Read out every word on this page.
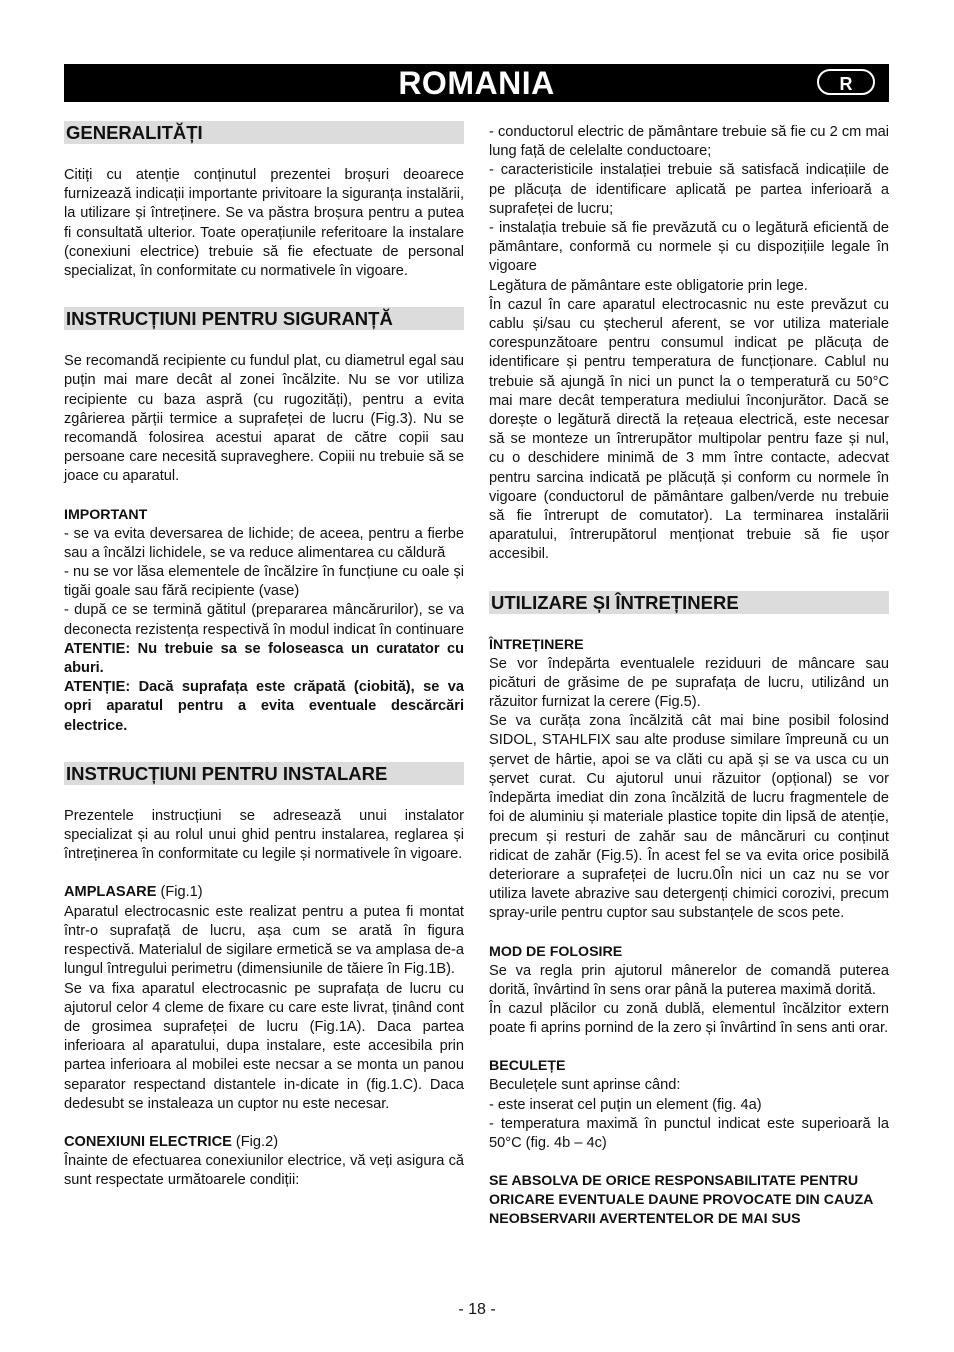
ROMANIA	R
GENERALITĂȚI

Citiți cu atenție conținutul prezentei broșuri deoarece furnizează indicații importante privitoare la siguranța instalării, la utilizare și întreținere. Se va păstra broșura pentru a putea fi consultată ulterior. Toate operațiunile referitoare la instalare (conexiuni electrice) trebuie să fie efectuate de personal specializat, în conformitate cu normativele în vigoare.

INSTRUCȚIUNI PENTRU SIGURANȚĂ

Se recomandă recipiente cu fundul plat, cu diametrul egal sau puțin mai mare decât al zonei încălzite. Nu se vor utiliza recipiente cu baza aspră (cu rugozități), pentru a evita zgârierea părții termice a suprafeței de lucru (Fig.3). Nu se recomandă folosirea acestui aparat de către copii sau persoane care necesită supraveghere. Copiii nu trebuie să se joace cu aparatul.

IMPORTANT

- se va evita deversarea de lichide; de aceea, pentru a fierbe sau a încălzi lichidele, se va reduce alimentarea cu căldură

- nu se vor lăsa elementele de încălzire în funcțiune cu oale și tigăi goale sau fără recipiente (vase)

- după ce se termină gătitul (prepararea mâncărurilor), se va deconecta rezistența respectivă în modul indicat în continuare

ATENTIE: Nu trebuie sa se foloseasca un curatator cu aburi.

ATENȚIE: Dacă suprafața este crăpată (ciobită), se va opri aparatul pentru a evita eventuale descărcări electrice.

INSTRUCȚIUNI PENTRU INSTALARE

Prezentele instrucțiuni se adresează unui instalator specializat și au rolul unui ghid pentru instalarea, reglarea și întreținerea în conformitate cu legile și normativele în vigoare.

AMPLASARE (Fig.1)

Aparatul electrocasnic este realizat pentru a putea fi montat într-o suprafață de lucru, așa cum se arată în figura respectivă. Materialul de sigilare ermetică se va amplasa de-a lungul întregului perimetru (dimensiunile de tăiere în Fig.1B).

Se va fixa aparatul electrocasnic pe suprafața de lucru cu ajutorul celor 4 cleme de fixare cu care este livrat, ținând cont de grosimea suprafeței de lucru (Fig.1A). Daca partea inferioara al aparatului, dupa instalare, este accesibila prin partea inferioara al mobilei este necsar a se monta un panou separator respectand distantele in-dicate in (fig.1.C). Daca dedesubt se instaleaza un cuptor nu este necesar.

CONEXIUNI ELECTRICE (Fig.2)

Înainte de efectuarea conexiunilor electrice, vă veți asigura că sunt respectate următoarele condiții:

- conductorul electric de pământare trebuie să fie cu 2 cm mai lung față de celelalte conductoare;

- caracteristicile instalației trebuie să satisfacă indicațiile de pe plăcuța de identificare aplicată pe partea inferioară a suprafeței de lucru;

- instalația trebuie să fie prevăzută cu o legătură eficientă de pământare, conformă cu normele și cu dispozițiile legale în vigoare

Legătura de pământare este obligatorie prin lege.

În cazul în care aparatul electrocasnic nu este prevăzut cu cablu și/sau cu ștecherul aferent, se vor utiliza materiale corespunzătoare pentru consumul indicat pe plăcuța de identificare și pentru temperatura de funcționare. Cablul nu trebuie să ajungă în nici un punct la o temperatură cu 50°C mai mare decât temperatura mediului înconjurător. Dacă se dorește o legătură directă la rețeaua electrică, este necesar să se monteze un întrerupător multipolar pentru faze și nul, cu o deschidere minimă de 3 mm între contacte, adecvat pentru sarcina indicată pe plăcuță și conform cu normele în vigoare (conductorul de pământare galben/verde nu trebuie să fie întrerupt de comutator). La terminarea instalării aparatului, întrerupătorul menționat trebuie să fie ușor accesibil.

UTILIZARE ȘI ÎNTREȚINERE

ÎNTREȚINERE

Se vor îndepărta eventualele reziduuri de mâncare sau picături de grăsime de pe suprafața de lucru, utilizând un răzuitor furnizat la cerere (Fig.5).

Se va curăța zona încălzită cât mai bine posibil folosind SIDOL, STAHLFIX sau alte produse similare împreună cu un șervet de hârtie, apoi se va clăti cu apă și se va usca cu un șervet curat. Cu ajutorul unui răzuitor (opțional) se vor îndepărta imediat din zona încălzită de lucru fragmentele de foi de aluminiu și materiale plastice topite din lipsă de atenție, precum și resturi de zahăr sau de mâncăruri cu conținut ridicat de zahăr (Fig.5). În acest fel se va evita orice posibilă deteriorare a suprafeței de lucru.0În nici un caz nu se vor utiliza lavete abrazive sau detergenți chimici corozivi, precum spray-urile pentru cuptor sau substanțele de scos pete.

MOD DE FOLOSIRE

Se va regla prin ajutorul mânerelor de comandă puterea dorită, învârtind în sens orar până la puterea maximă dorită.

În cazul plăcilor cu zonă dublă, elementul încălzitor extern poate fi aprins pornind de la zero și învârtind în sens anti orar.

BECULEȚE

Beculețele sunt aprinse când:

- este inserat cel puțin un element (fig. 4a)

- temperatura maximă în punctul indicat este superioară la 50°C (fig. 4b – 4c)

SE ABSOLVA DE ORICE RESPONSABILITATE PENTRU ORICARE EVENTUALE DAUNE PROVOCATE DIN CAUZA NEOBSERVARII AVERTENTELOR DE MAI SUS

- 18 -
